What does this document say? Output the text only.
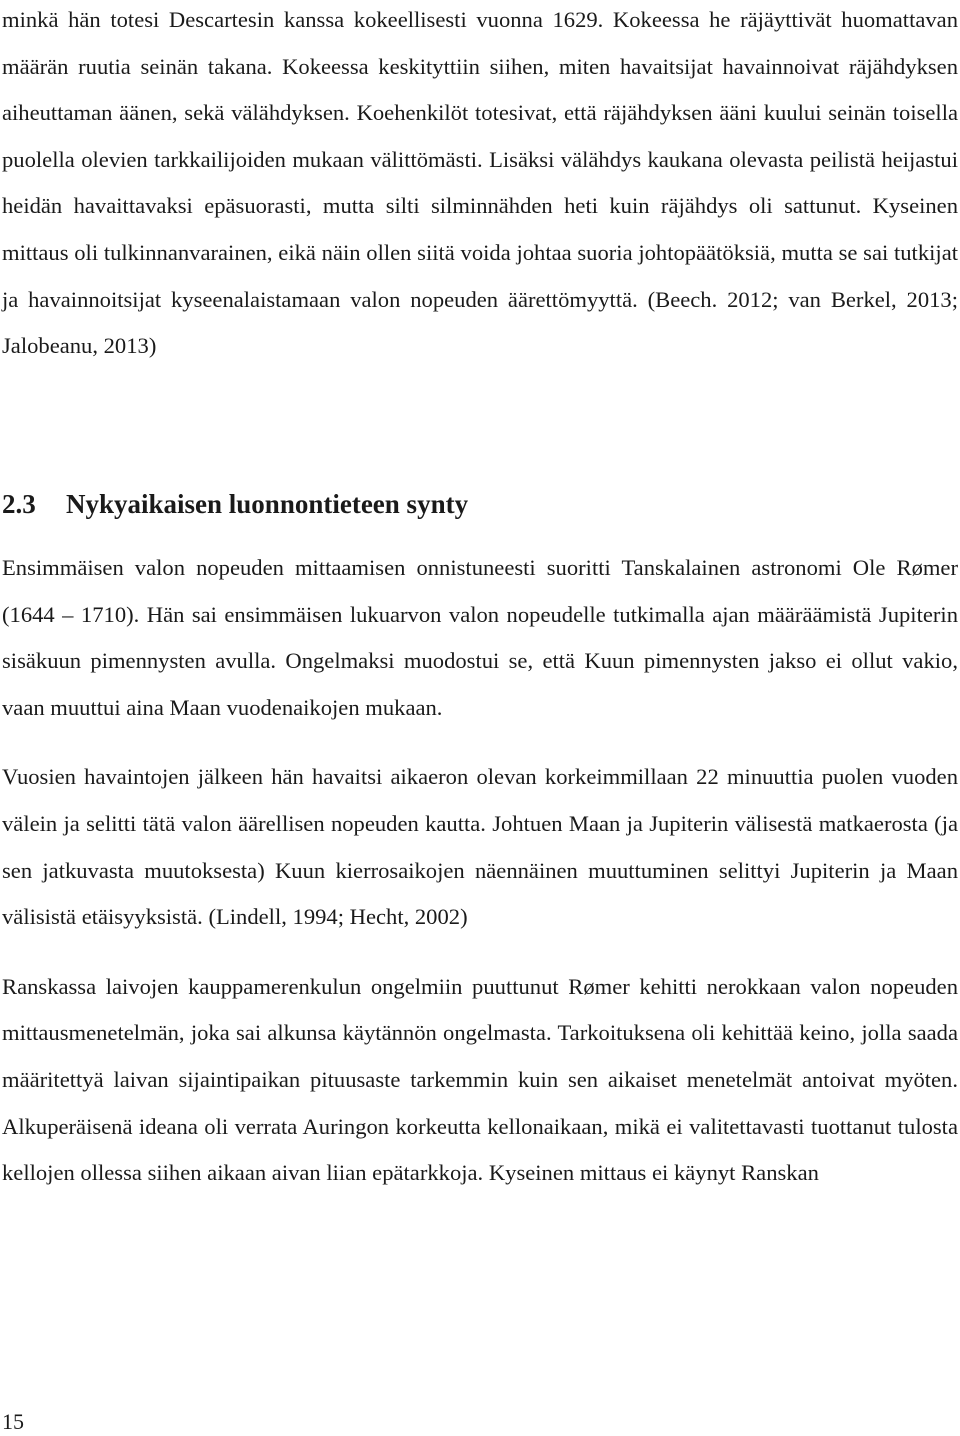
minkä hän totesi Descartesin kanssa kokeellisesti vuonna 1629. Kokeessa he räjäyttivät huomattavan määrän ruutia seinän takana. Kokeessa keskityttiin siihen, miten havaitsijat havainnoivat räjähdyksen aiheuttaman äänen, sekä välähdyksen. Koehenkilöt totesivat, että räjähdyksen ääni kuului seinän toisella puolella olevien tarkkailijoiden mukaan välittömästi. Lisäksi välähdys kaukana olevasta peilistä heijastui heidän havaittavaksi epäsuorasti, mutta silti silminnähden heti kuin räjähdys oli sattunut. Kyseinen mittaus oli tulkinnanvarainen, eikä näin ollen siitä voida johtaa suoria johtopäätöksiä, mutta se sai tutkijat ja havainnoitsijat kyseenalaistamaan valon nopeuden äärettömyyttä. (Beech. 2012; van Berkel, 2013; Jalobeanu, 2013)

2.3 Nykyaikaisen luonnontieteen synty

Ensimmäisen valon nopeuden mittaamisen onnistuneesti suoritti Tanskalainen astronomi Ole Rømer (1644 – 1710). Hän sai ensimmäisen lukuarvon valon nopeudelle tutkimalla ajan määräämistä Jupiterin sisäkuun pimennysten avulla. Ongelmaksi muodostui se, että Kuun pimennysten jakso ei ollut vakio, vaan muuttui aina Maan vuodenaikojen mukaan.

Vuosien havaintojen jälkeen hän havaitsi aikaeron olevan korkeimmillaan 22 minuuttia puolen vuoden välein ja selitti tätä valon äärellisen nopeuden kautta. Johtuen Maan ja Jupiterin välisestä matkaerosta (ja sen jatkuvasta muutoksesta) Kuun kierrosaikojen näennäinen muuttuminen selittyi Jupiterin ja Maan välisistä etäisyyksistä. (Lindell, 1994; Hecht, 2002)

Ranskassa laivojen kauppamerenkulun ongelmiin puuttunut Rømer kehitti nerokkaan valon nopeuden mittausmenetelmän, joka sai alkunsa käytännön ongelmasta. Tarkoituksena oli kehittää keino, jolla saada määritettyä laivan sijaintipaikan pituusaste tarkemmin kuin sen aikaiset menetelmät antoivat myöten. Alkuperäisenä ideana oli verrata Auringon korkeutta kellonaikaan, mikä ei valitettavasti tuottanut tulosta kellojen ollessa siihen aikaan aivan liian epätarkkoja. Kyseinen mittaus ei käynyt Ranskan

15
